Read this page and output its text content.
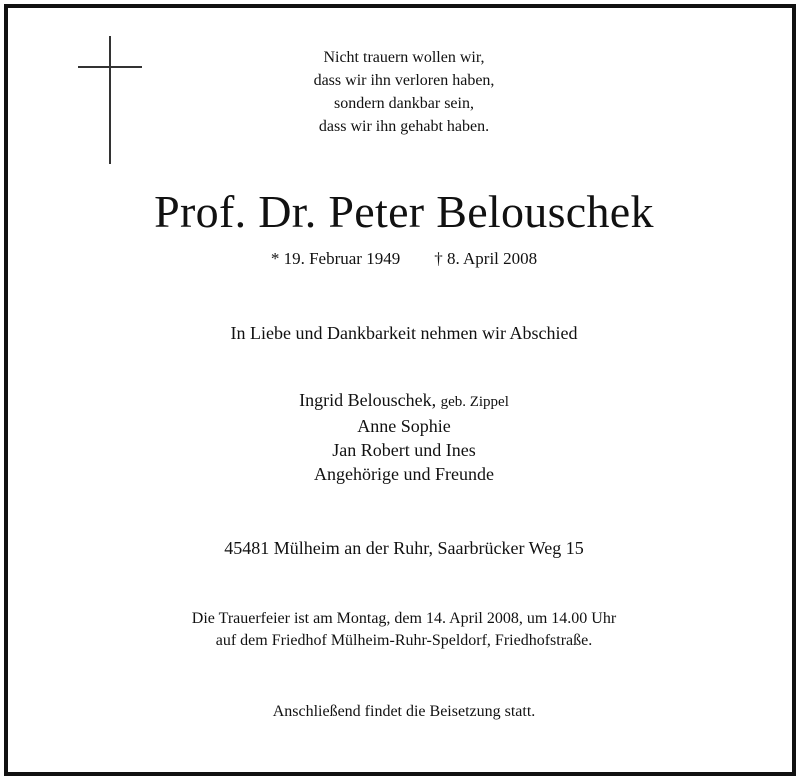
Nicht trauern wollen wir,
dass wir ihn verloren haben,
sondern dankbar sein,
dass wir ihn gehabt haben.
Prof. Dr. Peter Belouschek
* 19. Februar 1949 † 8. April 2008
In Liebe und Dankbarkeit nehmen wir Abschied
Ingrid Belouschek, geb. Zippel
Anne Sophie
Jan Robert und Ines
Angehörige und Freunde
45481 Mülheim an der Ruhr, Saarbrücker Weg 15
Die Trauerfeier ist am Montag, dem 14. April 2008, um 14.00 Uhr
auf dem Friedhof Mülheim-Ruhr-Speldorf, Friedhofstraße.
Anschließend findet die Beisetzung statt.
